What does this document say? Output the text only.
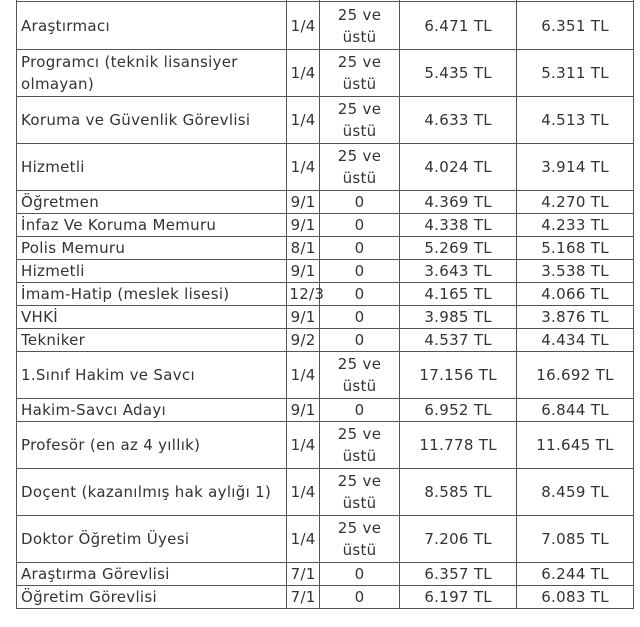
Araştırmacı	1/4	25 ve üstü	6.471 TL	6.351 TL
Programcı (teknik lisansiyer olmayan)	1/4	25 ve üstü	5.435 TL	5.311 TL
Koruma ve Güvenlik Görevlisi	1/4	25 ve üstü	4.633 TL	4.513 TL
Hizmetli	1/4	25 ve üstü	4.024 TL	3.914 TL
Öğretmen	9/1	0	4.369 TL	4.270 TL
İnfaz Ve Koruma Memuru	9/1	0	4.338 TL	4.233 TL
Polis Memuru	8/1	0	5.269 TL	5.168 TL
Hizmetli	9/1	0	3.643 TL	3.538 TL
İmam-Hatip (meslek lisesi)	12/3	0	4.165 TL	4.066 TL
VHKİ	9/1	0	3.985 TL	3.876 TL
Tekniker	9/2	0	4.537 TL	4.434 TL
1.Sınıf Hakim ve Savcı	1/4	25 ve üstü	17.156 TL	16.692 TL
Hakim-Savcı Adayı	9/1	0	6.952 TL	6.844 TL
Profesör (en az 4 yıllık)	1/4	25 ve üstü	11.778 TL	11.645 TL
Doçent (kazanılmış hak aylığı 1)	1/4	25 ve üstü	8.585 TL	8.459 TL
Doktor Öğretim Üyesi	1/4	25 ve üstü	7.206 TL	7.085 TL
Araştırma Görevlisi	7/1	0	6.357 TL	6.244 TL
Öğretim Görevlisi	7/1	0	6.197 TL	6.083 TL
